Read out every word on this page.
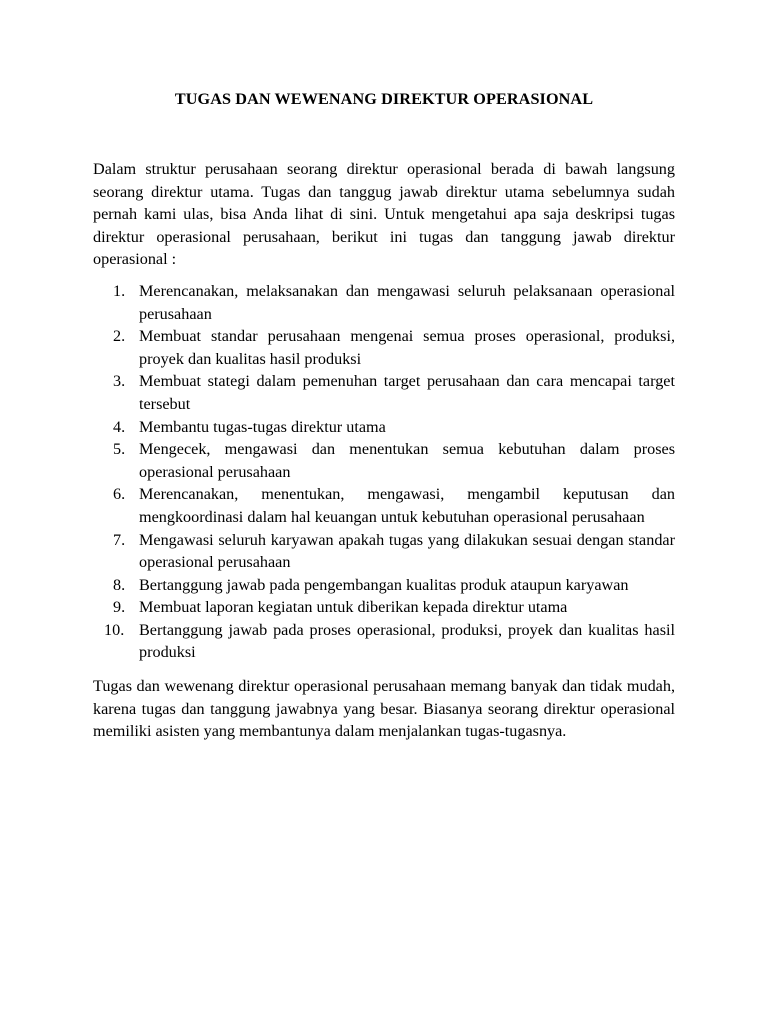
TUGAS DAN WEWENANG DIREKTUR OPERASIONAL

Dalam struktur perusahaan seorang direktur operasional berada di bawah langsung seorang direktur utama. Tugas dan tanggug jawab direktur utama sebelumnya sudah pernah kami ulas, bisa Anda lihat di sini. Untuk mengetahui apa saja deskripsi tugas direktur operasional perusahaan, berikut ini tugas dan tanggung jawab direktur operasional :

1. Merencanakan, melaksanakan dan mengawasi seluruh pelaksanaan operasional perusahaan
2. Membuat standar perusahaan mengenai semua proses operasional, produksi, proyek dan kualitas hasil produksi
3. Membuat stategi dalam pemenuhan target perusahaan dan cara mencapai target tersebut
4. Membantu tugas-tugas direktur utama
5. Mengecek, mengawasi dan menentukan semua kebutuhan dalam proses operasional perusahaan
6. Merencanakan, menentukan, mengawasi, mengambil keputusan dan mengkoordinasi dalam hal keuangan untuk kebutuhan operasional perusahaan
7. Mengawasi seluruh karyawan apakah tugas yang dilakukan sesuai dengan standar operasional perusahaan
8. Bertanggung jawab pada pengembangan kualitas produk ataupun karyawan
9. Membuat laporan kegiatan untuk diberikan kepada direktur utama
10. Bertanggung jawab pada proses operasional, produksi, proyek dan kualitas hasil produksi

Tugas dan wewenang direktur operasional perusahaan memang banyak dan tidak mudah, karena tugas dan tanggung jawabnya yang besar. Biasanya seorang direktur operasional memiliki asisten yang membantunya dalam menjalankan tugas-tugasnya.
